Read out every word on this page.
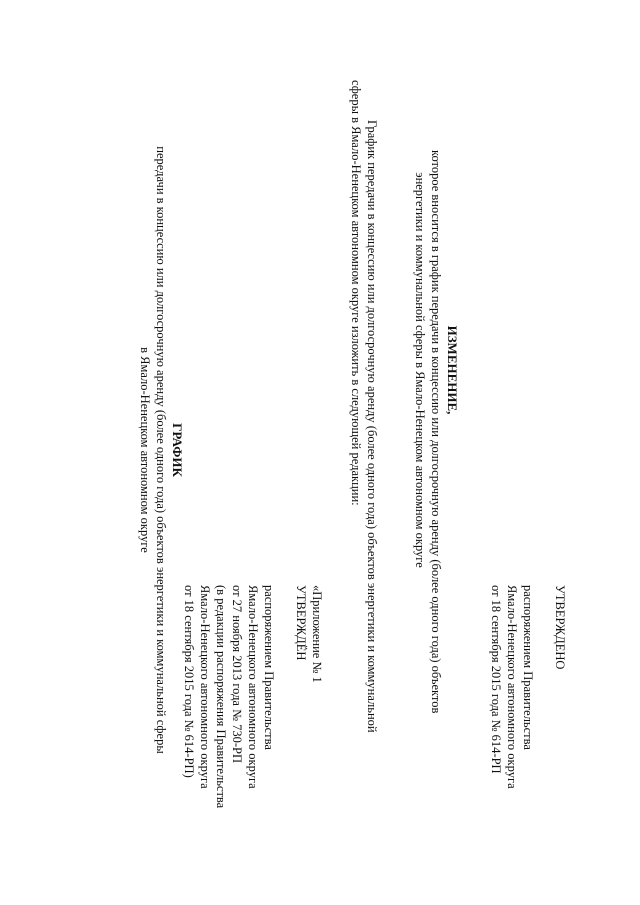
УТВЕРЖДЕНО
распоряжением Правительства
Ямало-Ненецкого автономного округа
от 18 сентября 2015 года № 614-РП
ИЗМЕНЕНИЕ,
которое вносится в график передачи в концессию или долгосрочную аренду (более одного года) объектов
энергетики и коммунальной сферы в Ямало-Ненецком автономном округе
График передачи в концессию или долгосрочную аренду (более одного года) объектов энергетики и коммунальной
сферы в Ямало-Ненецком автономном округе изложить в следующей редакции:
«Приложение № 1
УТВЕРЖДЁН
распоряжением Правительства
Ямало-Ненецкого автономного округа
от 27 ноября 2013 года № 730-РП
(в редакции распоряжения Правительства
Ямало-Ненецкого автономного округа
от 18 сентября 2015 года № 614-РП)
ГРАФИК
передачи в концессию или долгосрочную аренду (более одного года) объектов энергетики и коммунальной сферы
в Ямало-Ненецком автономном округе
